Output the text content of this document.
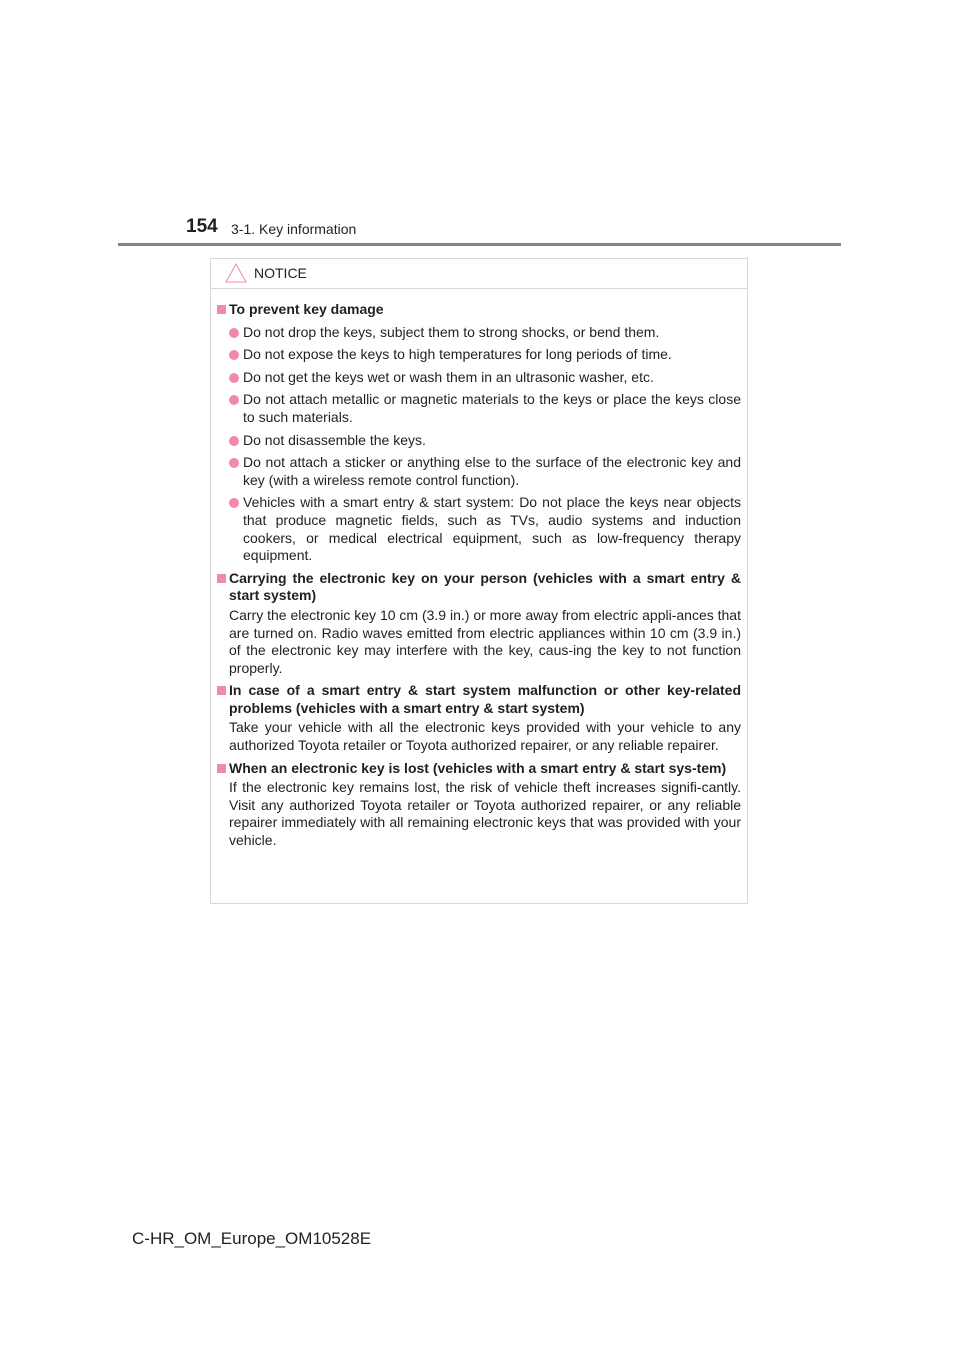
154 3-1. Key information
NOTICE
To prevent key damage
Do not drop the keys, subject them to strong shocks, or bend them.
Do not expose the keys to high temperatures for long periods of time.
Do not get the keys wet or wash them in an ultrasonic washer, etc.
Do not attach metallic or magnetic materials to the keys or place the keys close to such materials.
Do not disassemble the keys.
Do not attach a sticker or anything else to the surface of the electronic key and key (with a wireless remote control function).
Vehicles with a smart entry & start system: Do not place the keys near objects that produce magnetic fields, such as TVs, audio systems and induction cookers, or medical electrical equipment, such as low-frequency therapy equipment.
Carrying the electronic key on your person (vehicles with a smart entry & start system)
Carry the electronic key 10 cm (3.9 in.) or more away from electric appli-ances that are turned on. Radio waves emitted from electric appliances within 10 cm (3.9 in.) of the electronic key may interfere with the key, caus-ing the key to not function properly.
In case of a smart entry & start system malfunction or other key-related problems (vehicles with a smart entry & start system)
Take your vehicle with all the electronic keys provided with your vehicle to any authorized Toyota retailer or Toyota authorized repairer, or any reliable repairer.
When an electronic key is lost (vehicles with a smart entry & start sys-tem)
If the electronic key remains lost, the risk of vehicle theft increases signifi-cantly. Visit any authorized Toyota retailer or Toyota authorized repairer, or any reliable repairer immediately with all remaining electronic keys that was provided with your vehicle.
C-HR_OM_Europe_OM10528E
